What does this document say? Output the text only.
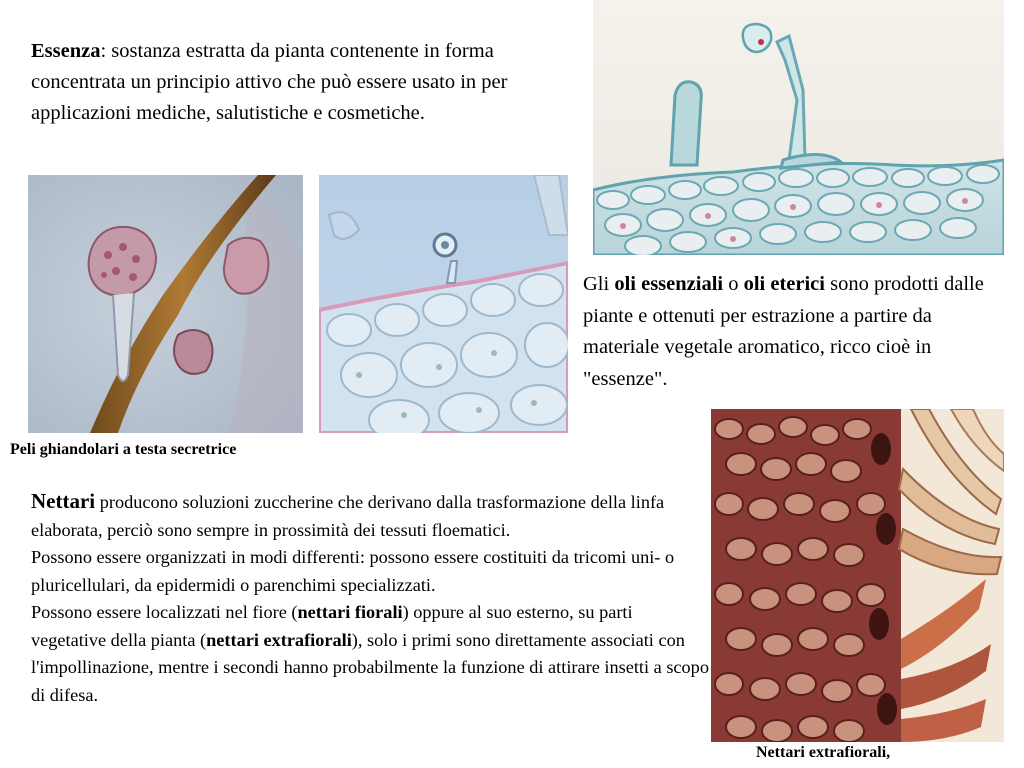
Essenza: sostanza estratta da pianta contenente in forma concentrata un principio attivo che può essere usato in per applicazioni mediche, salutistiche e cosmetiche.
Peli ghiandolari a testa secretrice
Gli oli essenziali o oli eterici sono prodotti dalle piante e ottenuti per estrazione a partire da materiale vegetale aromatico, ricco cioè in "essenze".
Nettari producono soluzioni zuccherine che derivano dalla trasformazione della linfa elaborata, perciò sono sempre in prossimità dei tessuti floematici.
Possono essere organizzati in modi differenti: possono essere costituiti da tricomi uni- o pluricellulari, da epidermidi o parenchimi specializzati.
Possono essere localizzati nel fiore (nettari fiorali) oppure al suo esterno, su parti vegetative della pianta (nettari extrafiorali), solo i primi sono direttamente associati con l'impollinazione, mentre i secondi hanno probabilmente la funzione di attirare insetti a scopo di difesa.
Nettari extrafiorali,
